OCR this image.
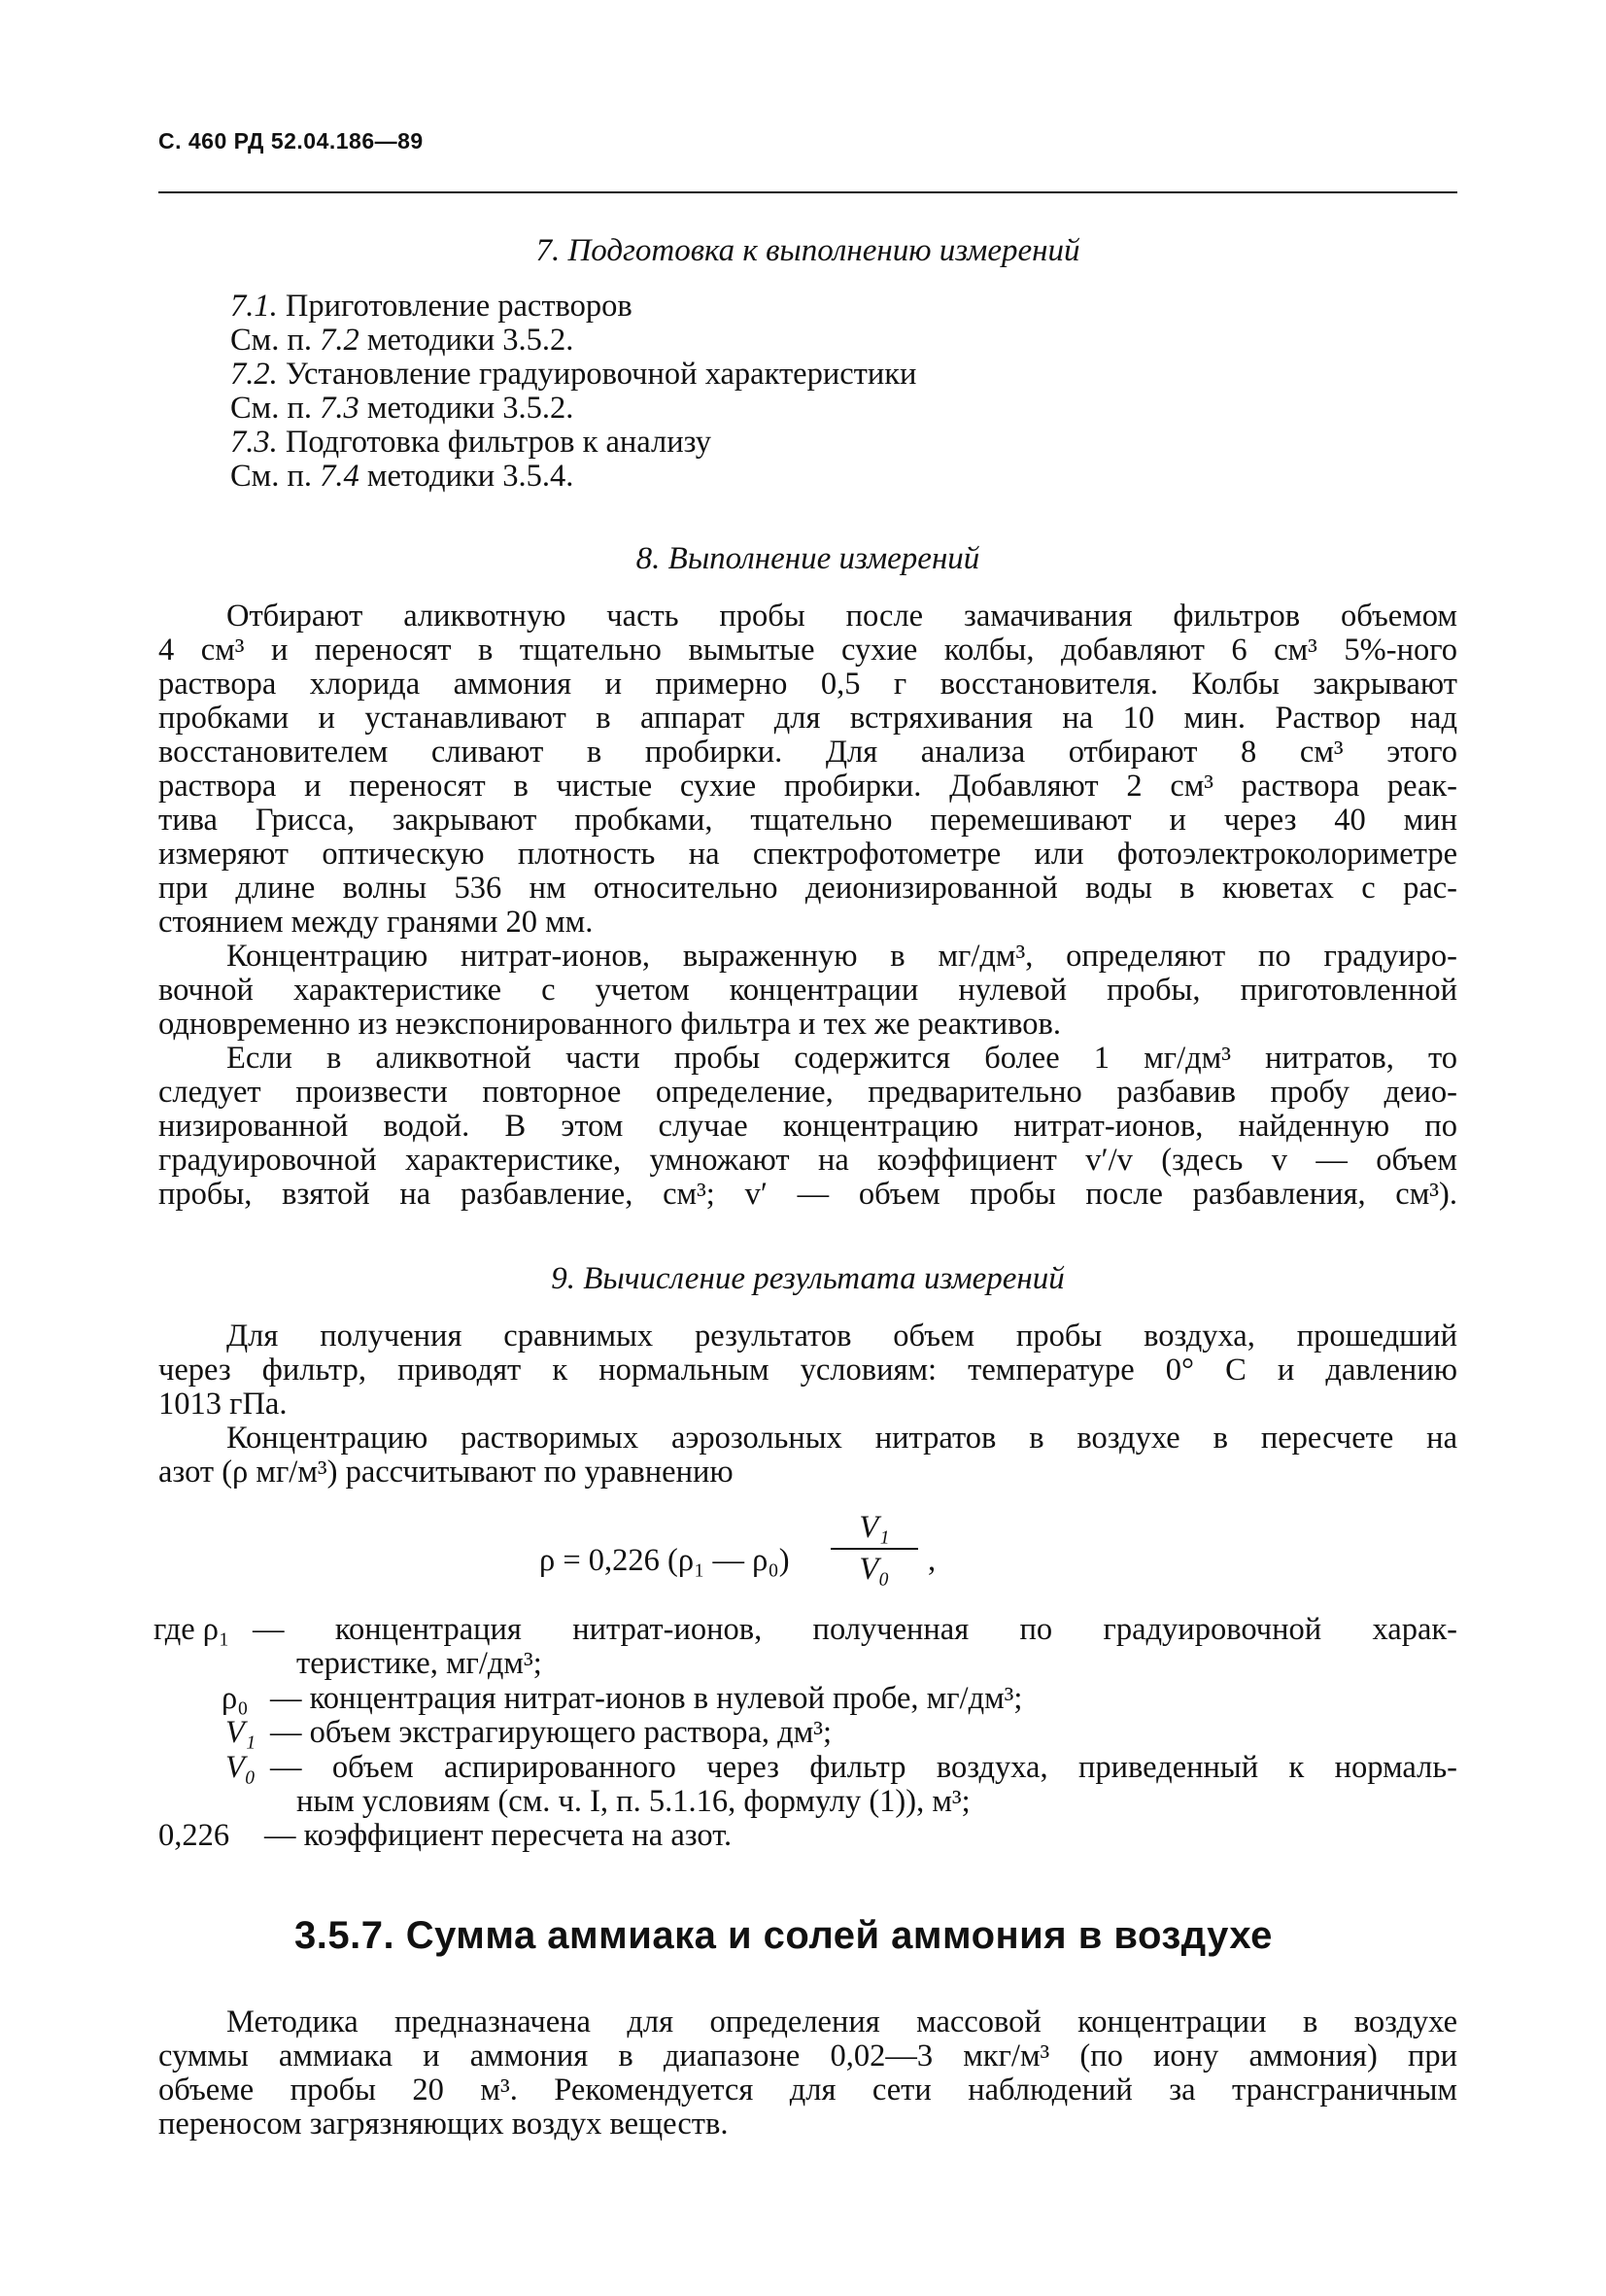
С. 460 РД 52.04.186—89

7. Подготовка к выполнению измерений

7.1. Приготовление растворов

См. п. 7.2 методики 3.5.2.

7.2. Установление градуировочной характеристики

См. п. 7.3 методики 3.5.2.

7.3. Подготовка фильтров к анализу

См. п. 7.4 методики 3.5.4.

8. Выполнение измерений

Отбирают аликвотную часть пробы после замачивания фильтров объемом

4 см³ и переносят в тщательно вымытые сухие колбы, добавляют 6 см³ 5%-ного

раствора хлорида аммония и примерно 0,5 г восстановителя. Колбы закрывают

пробками и устанавливают в аппарат для встряхивания на 10 мин. Раствор над

восстановителем сливают в пробирки. Для анализа отбирают 8 см³ этого

раствора и переносят в чистые сухие пробирки. Добавляют 2 см³ раствора реак-

тива Грисса, закрывают пробками, тщательно перемешивают и через 40 мин

измеряют оптическую плотность на спектрофотометре или фотоэлектроколориметре

при длине волны 536 нм относительно деионизированной воды в кюветах с рас-

стоянием между гранями 20 мм.

Концентрацию нитрат-ионов, выраженную в мг/дм³, определяют по градуиро-

вочной характеристике с учетом концентрации нулевой пробы, приготовленной

одновременно из неэкспонированного фильтра и тех же реактивов.

Если в аликвотной части пробы содержится более 1 мг/дм³ нитратов, то

следует произвести повторное определение, предварительно разбавив пробу деио-

низированной водой. В этом случае концентрацию нитрат-ионов, найденную по

градуировочной характеристике, умножают на коэффициент v′/v (здесь v — объем

пробы, взятой на разбавление, см³; v′ — объем пробы после разбавления, см³).

9. Вычисление результата измерений

Для получения сравнимых результатов объем пробы воздуха, прошедший

через фильтр, приводят к нормальным условиям: температуре 0° С и давлению

1013 гПа.

Концентрацию растворимых аэрозольных нитратов в воздухе в пересчете на

азот (ρ мг/м³) рассчитывают по уравнению

ρ = 0,226 (ρ₁ — ρ₀)
V₁
V₀	,
где ρ₁ — концентрация нитрат-ионов, полученная по градуировочной харак-
теристике, мг/дм³;
ρ₀ — концентрация нитрат-ионов в нулевой пробе, мг/дм³;
V₁ — объем экстрагирующего раствора, дм³;
V₀ — объем аспирированного через фильтр воздуха, приведенный к нормаль-
ным условиям (см. ч. I, п. 5.1.16, формулу (1)), м³;
0,226 — коэффициент пересчета на азот.
3.5.7. Сумма аммиака и солей аммония в воздухе

Методика предназначена для определения массовой концентрации в воздухе

суммы аммиака и аммония в диапазоне 0,02—3 мкг/м³ (по иону аммония) при

объеме пробы 20 м³. Рекомендуется для сети наблюдений за трансграничным

переносом загрязняющих воздух веществ.
